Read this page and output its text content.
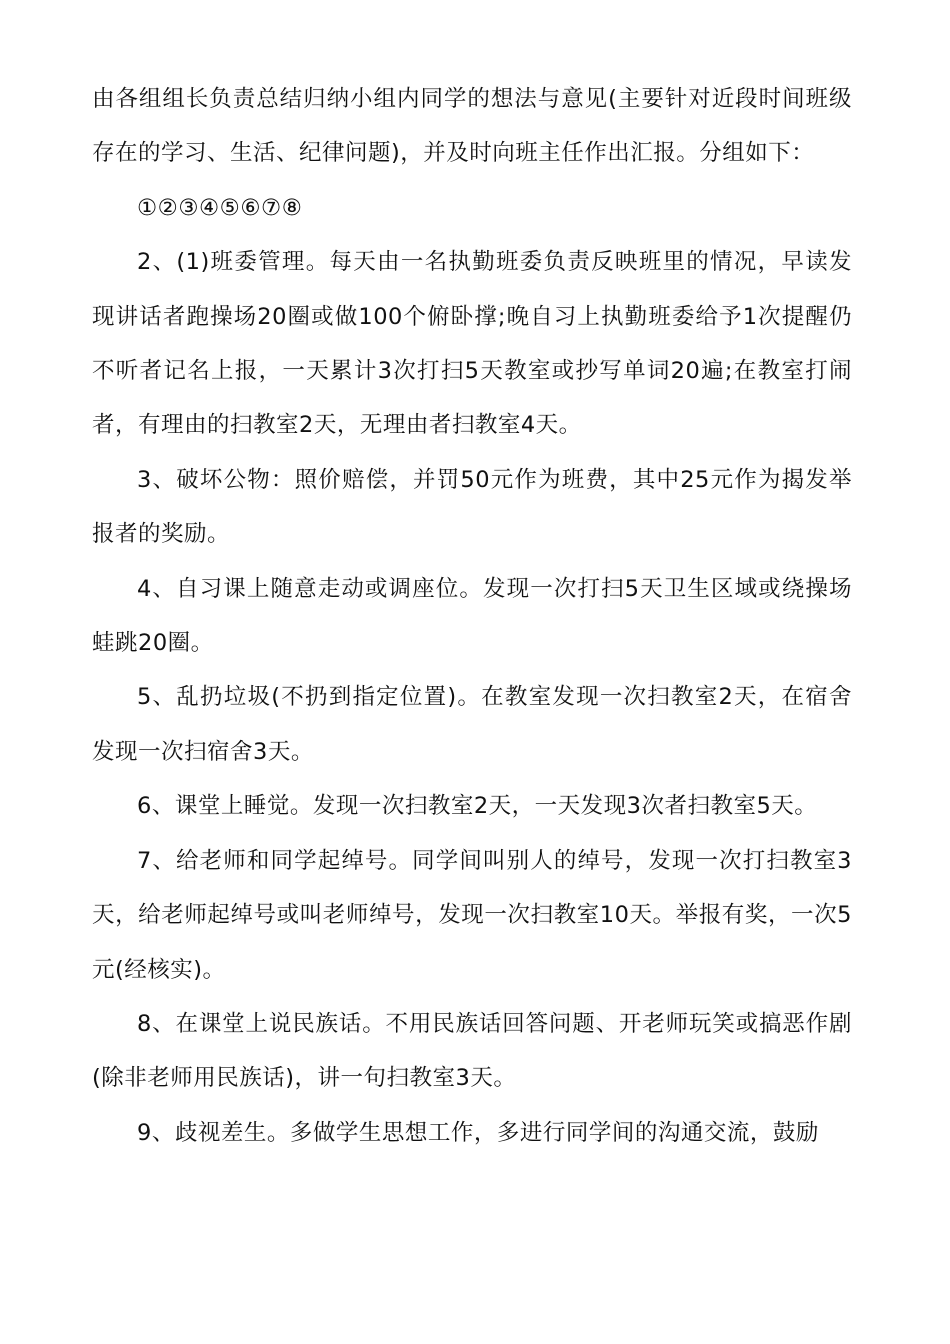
由各组组长负责总结归纳小组内同学的想法与意见(主要针对近段时间班级存在的学习、生活、纪律问题)，并及时向班主任作出汇报。分组如下：

①②③④⑤⑥⑦⑧

2、(1)班委管理。每天由一名执勤班委负责反映班里的情况，早读发现讲话者跑操场20圈或做100个俯卧撑;晚自习上执勤班委给予1次提醒仍不听者记名上报，一天累计3次打扫5天教室或抄写单词20遍;在教室打闹者，有理由的扫教室2天，无理由者扫教室4天。

3、破坏公物：照价赔偿，并罚50元作为班费，其中25元作为揭发举报者的奖励。

4、自习课上随意走动或调座位。发现一次打扫5天卫生区域或绕操场蛙跳20圈。

5、乱扔垃圾(不扔到指定位置)。在教室发现一次扫教室2天，在宿舍发现一次扫宿舍3天。

6、课堂上睡觉。发现一次扫教室2天，一天发现3次者扫教室5天。

7、给老师和同学起绰号。同学间叫别人的绰号，发现一次打扫教室3天，给老师起绰号或叫老师绰号，发现一次扫教室10天。举报有奖，一次5元(经核实)。

8、在课堂上说民族话。不用民族话回答问题、开老师玩笑或搞恶作剧(除非老师用民族话)，讲一句扫教室3天。

9、歧视差生。多做学生思想工作，多进行同学间的沟通交流，鼓励
